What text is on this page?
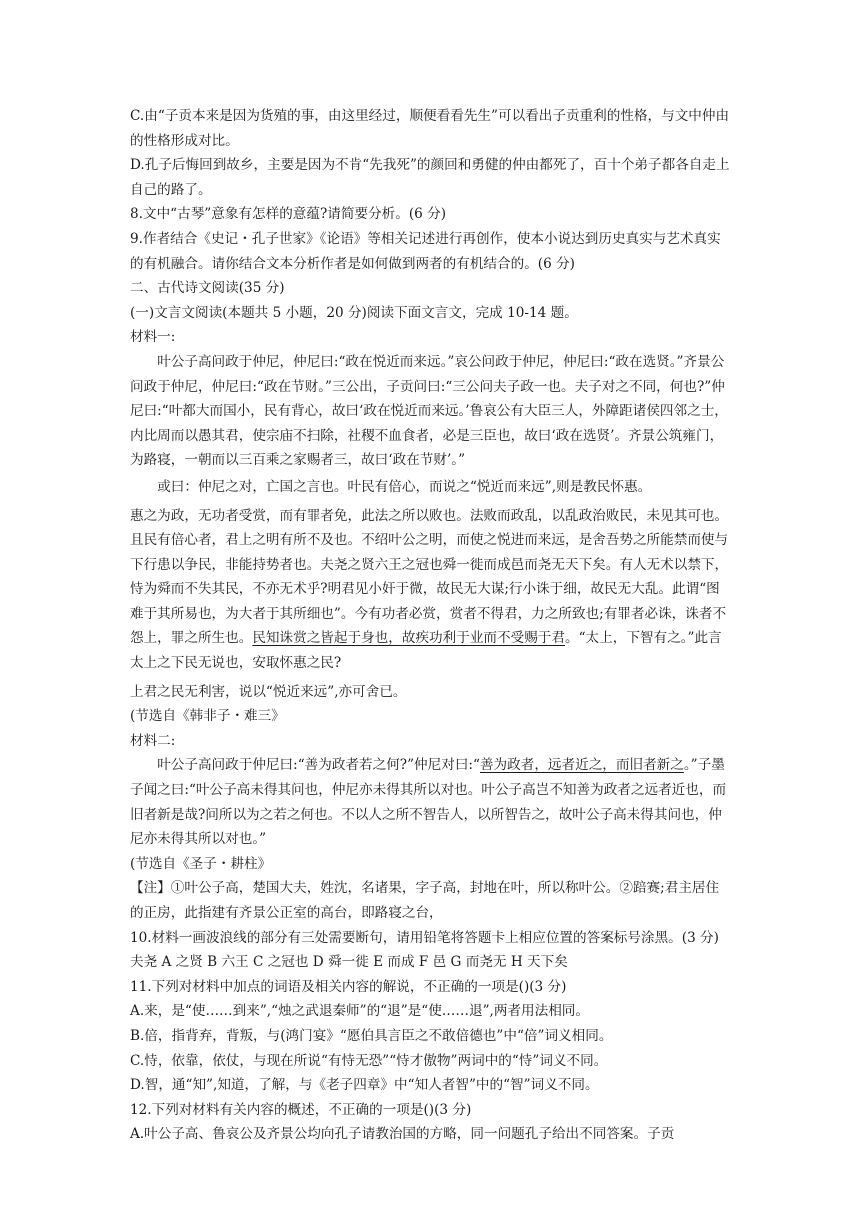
C.由“子贡本来是因为货殖的事，由这里经过，顺便看看先生”可以看出子贡重利的性格，与文中仲由的性格形成对比。

D.孔子后悔回到故乡，主要是因为不肯“先我死”的颜回和勇健的仲由都死了，百十个弟子都各自走上自己的路了。

8.文中“古琴”意象有怎样的意蕴?请简要分析。(6 分)

9.作者结合《史记・孔子世家》《论语》等相关记述进行再创作，使本小说达到历史真实与艺术真实的有机融合。请你结合文本分析作者是如何做到两者的有机结合的。(6 分)

二、古代诗文阅读(35 分)

(一)文言文阅读(本题共 5 小题，20 分)阅读下面文言文，完成 10-14 题。

材料一:

叶公子高问政于仲尼，仲尼曰:“政在悦近而来远。”哀公问政于仲尼，仲尼曰:“政在选贤。”齐景公问政于仲尼，仲尼曰:“政在节财。”三公出，子贡问曰:“三公问夫子政一也。夫子对之不同，何也?”仲尼曰:“叶都大而国小，民有背心，故曰‘政在悦近而来远。’鲁哀公有大臣三人，外障距诸侯四邻之士，内比周而以愚其君，使宗庙不扫除，社稷不血食者，必是三臣也，故曰‘政在选贤’。齐景公筑雍门，为路寝，一朝而以三百乘之家赐者三，故曰‘政在节财’。”

或曰：仲尼之对，亡国之言也。叶民有倍心，而说之“悦近而来远”,则是教民怀惠。

惠之为政，无功者受赏，而有罪者免，此法之所以败也。法败而政乱，以乱政治败民，未见其可也。且民有倍心者，君上之明有所不及也。不绍叶公之明，而使之悦进而来远，是舍吾势之所能禁而使与下行患以争民，非能持势者也。夫尧之贤六王之冠也舜一徙而成邑而尧无天下矣。有人无术以禁下，恃为舜而不失其民，不亦无术乎?明君见小奸于微，故民无大谋;行小诛于细，故民无大乱。此谓“图难于其所易也，为大者于其所细也”。今有功者必赏，赏者不得君，力之所致也;有罪者必诛，诛者不怨上，罪之所生也。民知诛赏之皆起于身也，故疾功利于业而不受赐于君。“太上，下智有之。”此言太上之下民无说也，安取怀惠之民?

上君之民无利害，说以“悦近来远”,亦可舍已。

(节选自《韩非子・难三》

材料二:

叶公子高问政于仲尼曰:“善为政者若之何?”仲尼对曰:“善为政者，远者近之，而旧者新之。”子墨子闻之曰:“叶公子高未得其问也，仲尼亦未得其所以对也。叶公子高岂不知善为政者之远者近也，而旧者新是哉?问所以为之若之何也。不以人之所不智告人，以所智告之，故叶公子高未得其问也，仲尼亦未得其所以对也。”

(节选自《圣子・耕柱》

【注】①叶公子高，楚国大夫，姓沈，名诸果，字子高，封地在叶，所以称叶公。②踣赛;君主居住的正房，此指建有齐景公正室的高台，即路寝之台，

10.材料一画波浪线的部分有三处需要断句，请用铅笔将答题卡上相应位置的答案标号涂黑。(3 分)

夫尧 A 之贤 B 六王 C 之冠也 D 舜一徙 E 而成 F 邑 G 而尧无 H 天下矣

11.下列对材料中加点的词语及相关内容的解说，不正确的一项是()(3 分)

A.来，是“使……到来”,“烛之武退秦师”的“退”是“使……退”,两者用法相同。

B.倍，指背弃，背叛，与(鸿门宴》“愿伯具言臣之不敢倍德也”中“倍”词义相同。

C.恃，依靠，依仗，与现在所说“有恃无恐”“恃才傲物”两词中的“恃”词义不同。

D.智，通“知”,知道，了解，与《老子四章》中“知人者智”中的“智”词义不同。

12.下列对材料有关内容的概述，不正确的一项是()(3 分)

A.叶公子高、鲁哀公及齐景公均向孔子请教治国的方略，同一问题孔子给出不同答案。子贡
